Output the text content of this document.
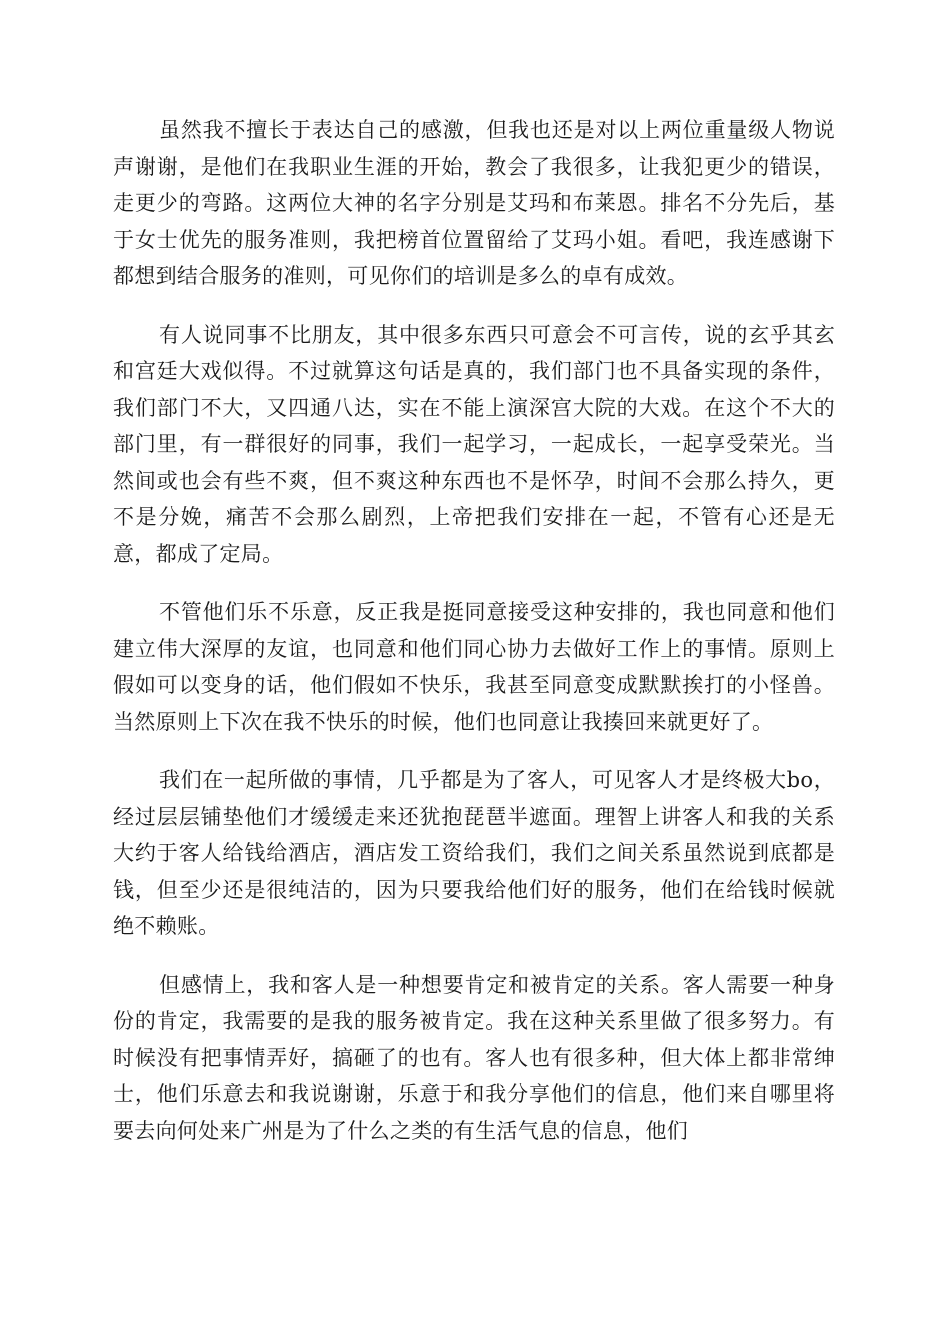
虽然我不擅长于表达自己的感激，但我也还是对以上两位重量级人物说声谢谢，是他们在我职业生涯的开始，教会了我很多，让我犯更少的错误，走更少的弯路。这两位大神的名字分别是艾玛和布莱恩。排名不分先后，基于女士优先的服务准则，我把榜首位置留给了艾玛小姐。看吧，我连感谢下都想到结合服务的准则，可见你们的培训是多么的卓有成效。

有人说同事不比朋友，其中很多东西只可意会不可言传，说的玄乎其玄和宫廷大戏似得。不过就算这句话是真的，我们部门也不具备实现的条件，我们部门不大，又四通八达，实在不能上演深宫大院的大戏。在这个不大的部门里，有一群很好的同事，我们一起学习，一起成长，一起享受荣光。当然间或也会有些不爽，但不爽这种东西也不是怀孕，时间不会那么持久，更不是分娩，痛苦不会那么剧烈，上帝把我们安排在一起，不管有心还是无意，都成了定局。

不管他们乐不乐意，反正我是挺同意接受这种安排的，我也同意和他们建立伟大深厚的友谊，也同意和他们同心协力去做好工作上的事情。原则上假如可以变身的话，他们假如不快乐，我甚至同意变成默默挨打的小怪兽。当然原则上下次在我不快乐的时候，他们也同意让我揍回来就更好了。

我们在一起所做的事情，几乎都是为了客人，可见客人才是终极大bo，经过层层铺垫他们才缓缓走来还犹抱琵琶半遮面。理智上讲客人和我的关系大约于客人给钱给酒店，酒店发工资给我们，我们之间关系虽然说到底都是钱，但至少还是很纯洁的，因为只要我给他们好的服务，他们在给钱时候就绝不赖账。

但感情上，我和客人是一种想要肯定和被肯定的关系。客人需要一种身份的肯定，我需要的是我的服务被肯定。我在这种关系里做了很多努力。有时候没有把事情弄好，搞砸了的也有。客人也有很多种，但大体上都非常绅士，他们乐意去和我说谢谢，乐意于和我分享他们的信息，他们来自哪里将要去向何处来广州是为了什么之类的有生活气息的信息，他们
